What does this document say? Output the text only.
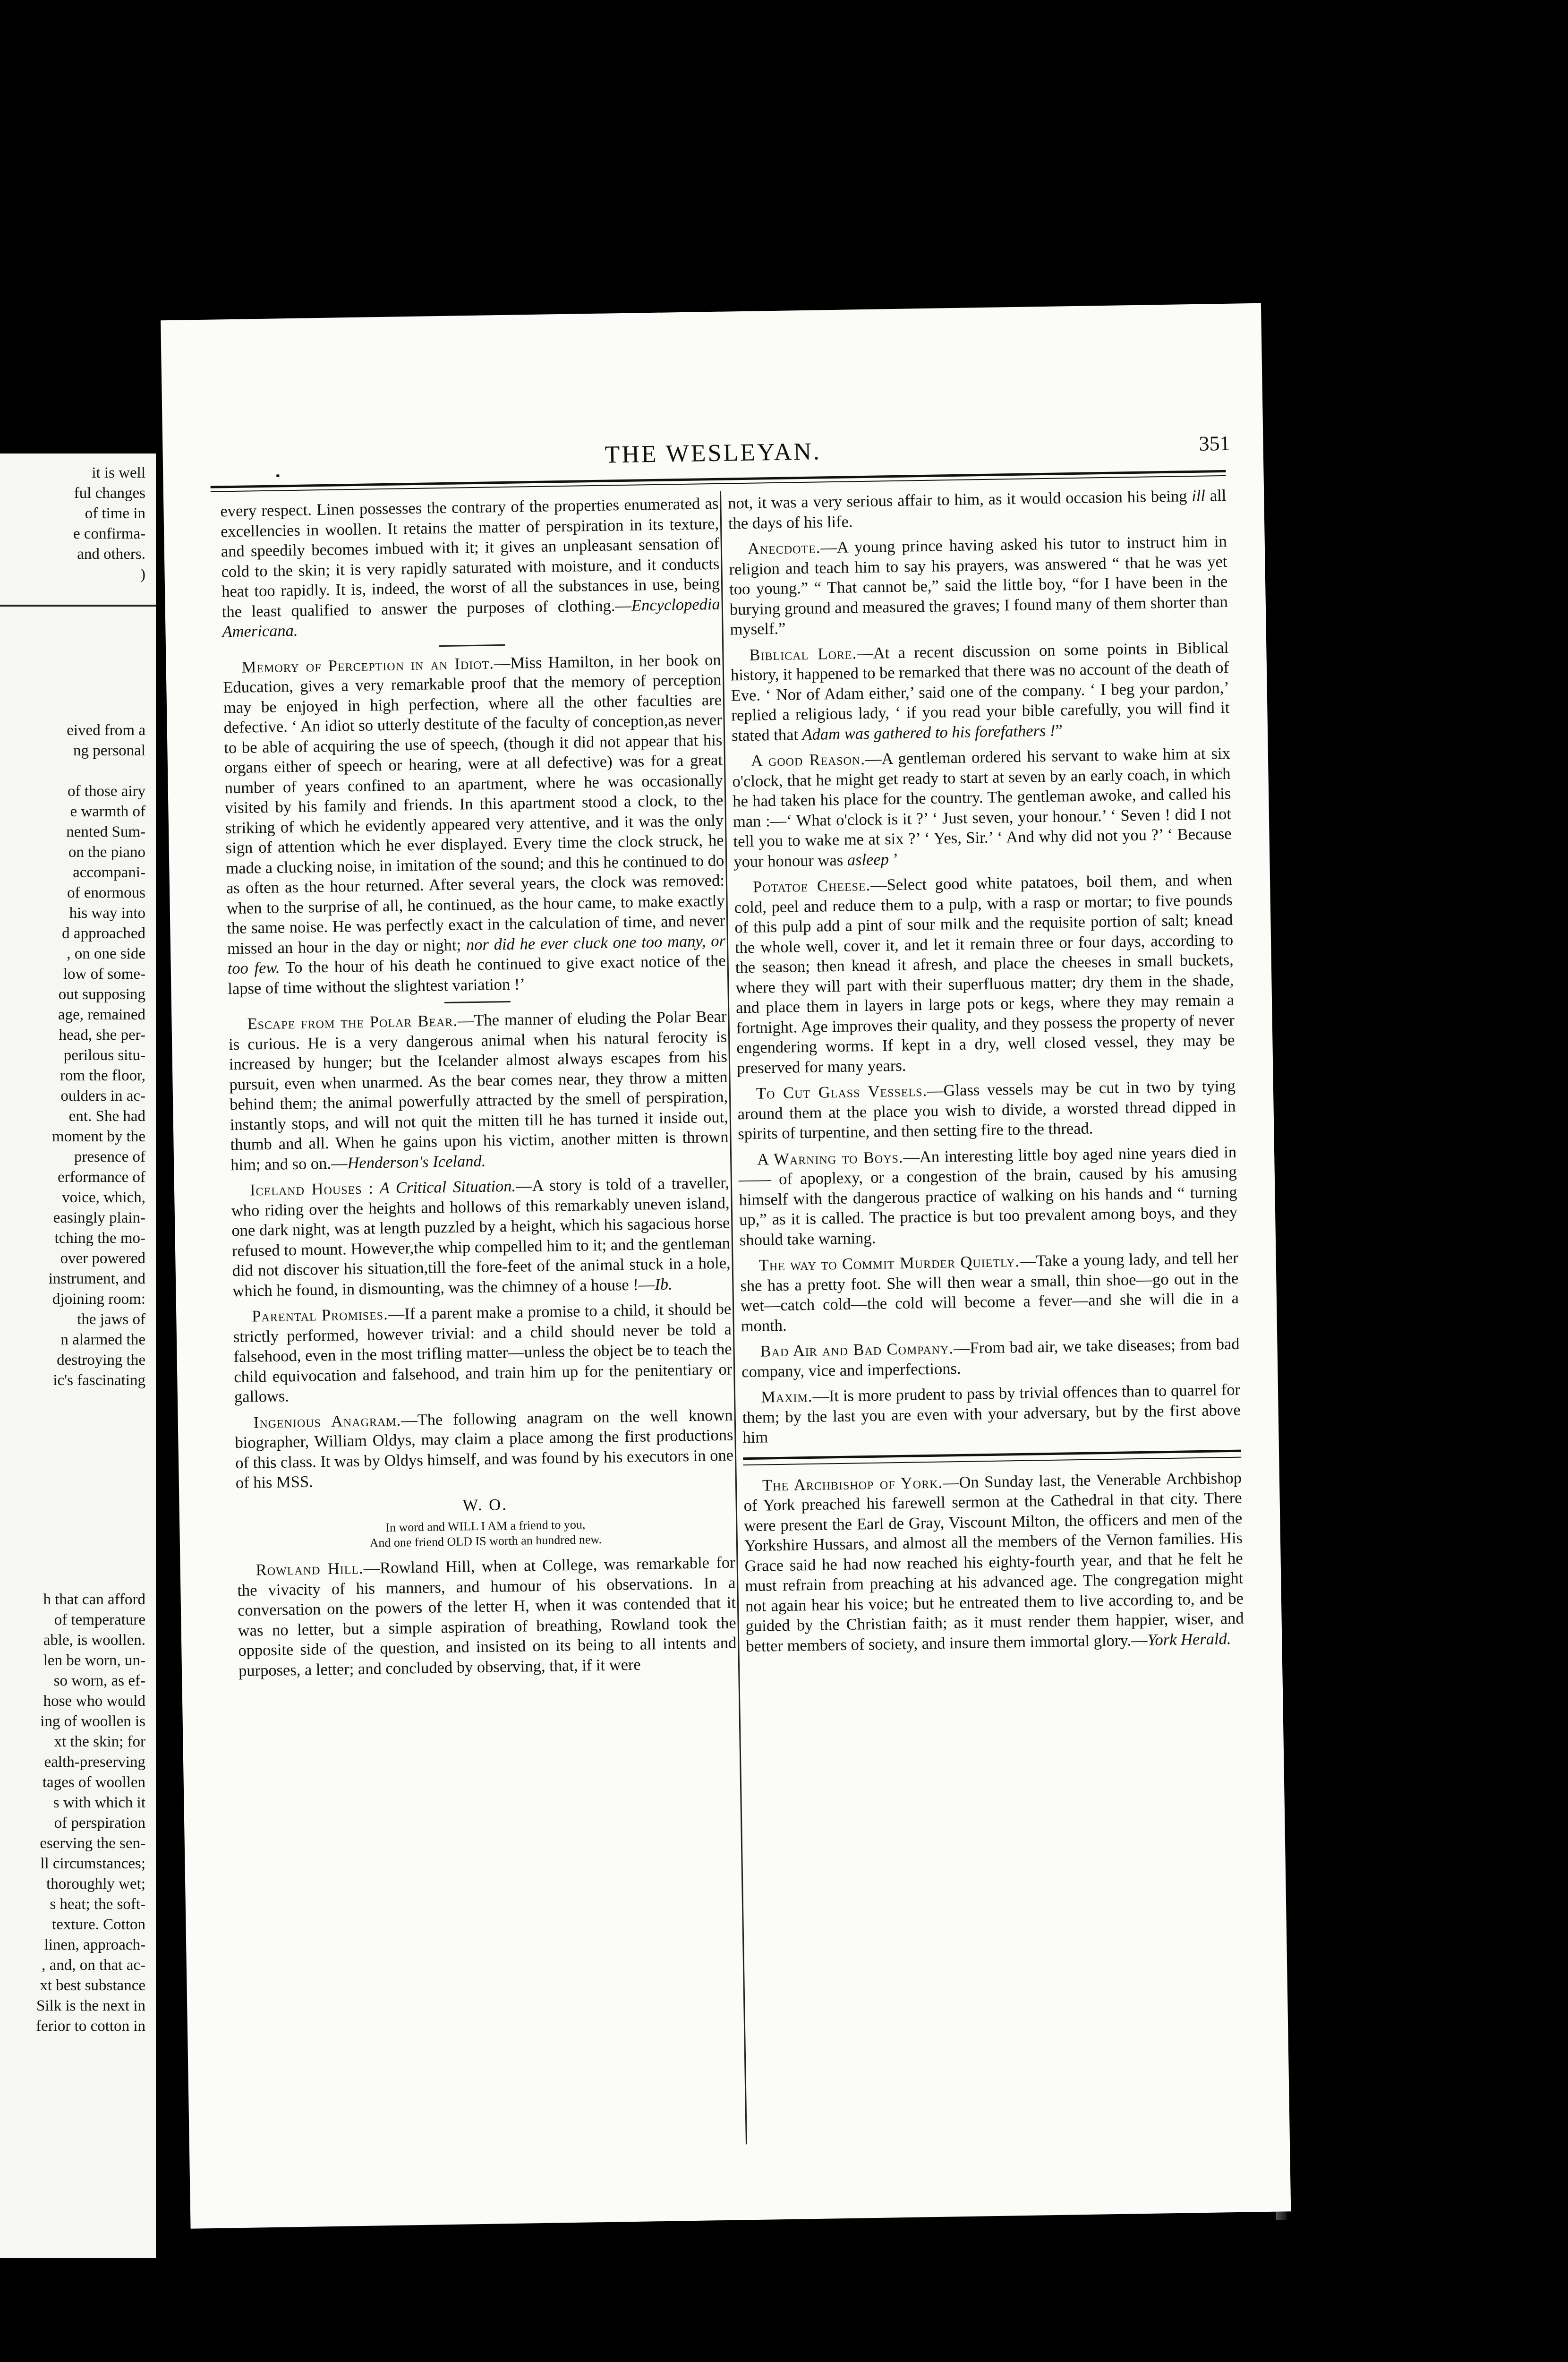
it is well
ful changes
of time in
e confirma-
and others.
)
eived from a
ng personal

of those airy
e warmth of
nented Sum-
on the piano
accompani-
of enormous
his way into
d approached
, on one side
low of some-
out supposing
age, remained
head, she per-
perilous situ-
rom the floor,
oulders in ac-
ent. She had
moment by the
presence of
erformance of
voice, which,
easingly plain-
tching the mo-
over powered
instrument, and
djoining room:
the jaws of
n alarmed the
destroying the
ic's fascinating
h that can afford
of temperature
able, is woollen.
len be worn, un-
so worn, as ef-
hose who would
ing of woollen is
xt the skin; for
ealth-preserving
tages of woollen
s with which it
of perspiration
eserving the sen-
ll circumstances;
thoroughly wet;
s heat; the soft-
texture. Cotton
linen, approach-
, and, on that ac-
xt best substance
Silk is the next in
ferior to cotton in
THE WESLEYAN.	351

every respect. Linen possesses the contrary of the properties enumerated as excellencies in woollen. It retains the matter of perspiration in its texture, and speedily becomes imbued with it; it gives an unpleasant sensation of cold to the skin; it is very rapidly saturated with moisture, and it conducts heat too rapidly. It is, indeed, the worst of all the substances in use, being the least qualified to answer the purposes of clothing.—Encyclopedia Americana.

Memory of Perception in an Idiot.—Miss Hamilton, in her book on Education, gives a very remarkable proof that the memory of perception may be enjoyed in high perfection, where all the other faculties are defective. ‘ An idiot so utterly destitute of the faculty of conception,as never to be able of acquiring the use of speech, (though it did not appear that his organs either of speech or hearing, were at all defective) was for a great number of years confined to an apartment, where he was occasionally visited by his family and friends. In this apartment stood a clock, to the striking of which he evidently appeared very attentive, and it was the only sign of attention which he ever displayed. Every time the clock struck, he made a clucking noise, in imitation of the sound; and this he continued to do as often as the hour returned. After several years, the clock was removed: when to the surprise of all, he continued, as the hour came, to make exactly the same noise. He was perfectly exact in the calculation of time, and never missed an hour in the day or night; nor did he ever cluck one too many, or too few. To the hour of his death he continued to give exact notice of the lapse of time without the slightest variation !’

Escape from the Polar Bear.—The manner of eluding the Polar Bear is curious. He is a very dangerous animal when his natural ferocity is increased by hunger; but the Icelander almost always escapes from his pursuit, even when unarmed. As the bear comes near, they throw a mitten behind them; the animal powerfully attracted by the smell of perspiration, instantly stops, and will not quit the mitten till he has turned it inside out, thumb and all. When he gains upon his victim, another mitten is thrown him; and so on.—Henderson's Iceland.

Iceland Houses : A Critical Situation.—A story is told of a traveller, who riding over the heights and hollows of this remarkably uneven island, one dark night, was at length puzzled by a height, which his sagacious horse refused to mount. However,the whip compelled him to it; and the gentleman did not discover his situation,till the fore-feet of the animal stuck in a hole, which he found, in dismounting, was the chimney of a house !—Ib.

Parental Promises.—If a parent make a promise to a child, it should be strictly performed, however trivial: and a child should never be told a falsehood, even in the most trifling matter—unless the object be to teach the child equivocation and falsehood, and train him up for the penitentiary or gallows.

Ingenious Anagram.—The following anagram on the well known biographer, William Oldys, may claim a place among the first productions of this class. It was by Oldys himself, and was found by his executors in one of his MSS.

W. O.

In word and WILL I AM a friend to you,

And one friend OLD IS worth an hundred new.

Rowland Hill.—Rowland Hill, when at College, was remarkable for the vivacity of his manners, and humour of his observations. In a conversation on the powers of the letter H, when it was contended that it was no letter, but a simple aspiration of breathing, Rowland took the opposite side of the question, and insisted on its being to all intents and purposes, a letter; and concluded by observing, that, if it were

not, it was a very serious affair to him, as it would occasion his being ill all the days of his life.

Anecdote.—A young prince having asked his tutor to instruct him in religion and teach him to say his prayers, was answered “ that he was yet too young.” “ That cannot be,” said the little boy, “for I have been in the burying ground and measured the graves; I found many of them shorter than myself.”

Biblical Lore.—At a recent discussion on some points in Biblical history, it happened to be remarked that there was no account of the death of Eve. ‘ Nor of Adam either,’ said one of the company. ‘ I beg your pardon,’ replied a religious lady, ‘ if you read your bible carefully, you will find it stated that Adam was gathered to his forefathers !”

A good Reason.—A gentleman ordered his servant to wake him at six o'clock, that he might get ready to start at seven by an early coach, in which he had taken his place for the country. The gentleman awoke, and called his man :—‘ What o'clock is it ?’ ‘ Just seven, your honour.’ ‘ Seven ! did I not tell you to wake me at six ?’ ‘ Yes, Sir.’ ‘ And why did not you ?’ ‘ Because your honour was asleep ’

Potatoe Cheese.—Select good white patatoes, boil them, and when cold, peel and reduce them to a pulp, with a rasp or mortar; to five pounds of this pulp add a pint of sour milk and the requisite portion of salt; knead the whole well, cover it, and let it remain three or four days, according to the season; then knead it afresh, and place the cheeses in small buckets, where they will part with their superfluous matter; dry them in the shade, and place them in layers in large pots or kegs, where they may remain a fortnight. Age improves their quality, and they possess the property of never engendering worms. If kept in a dry, well closed vessel, they may be preserved for many years.

To Cut Glass Vessels.—Glass vessels may be cut in two by tying around them at the place you wish to divide, a worsted thread dipped in spirits of turpentine, and then setting fire to the thread.

A Warning to Boys.—An interesting little boy aged nine years died in —— of apoplexy, or a congestion of the brain, caused by his amusing himself with the dangerous practice of walking on his hands and “ turning up,” as it is called. The practice is but too prevalent among boys, and they should take warning.

The way to Commit Murder Quietly.—Take a young lady, and tell her she has a pretty foot. She will then wear a small, thin shoe—go out in the wet—catch cold—the cold will become a fever—and she will die in a month.

Bad Air and Bad Company.—From bad air, we take diseases; from bad company, vice and imperfections.

Maxim.—It is more prudent to pass by trivial offences than to quarrel for them; by the last you are even with your adversary, but by the first above him

The Archbishop of York.—On Sunday last, the Venerable Archbishop of York preached his farewell sermon at the Cathedral in that city. There were present the Earl de Gray, Viscount Milton, the officers and men of the Yorkshire Hussars, and almost all the members of the Vernon families. His Grace said he had now reached his eighty-fourth year, and that he felt he must refrain from preaching at his advanced age. The congregation might not again hear his voice; but he entreated them to live according to, and be guided by the Christian faith; as it must render them happier, wiser, and better members of society, and insure them immortal glory.—York Herald.
